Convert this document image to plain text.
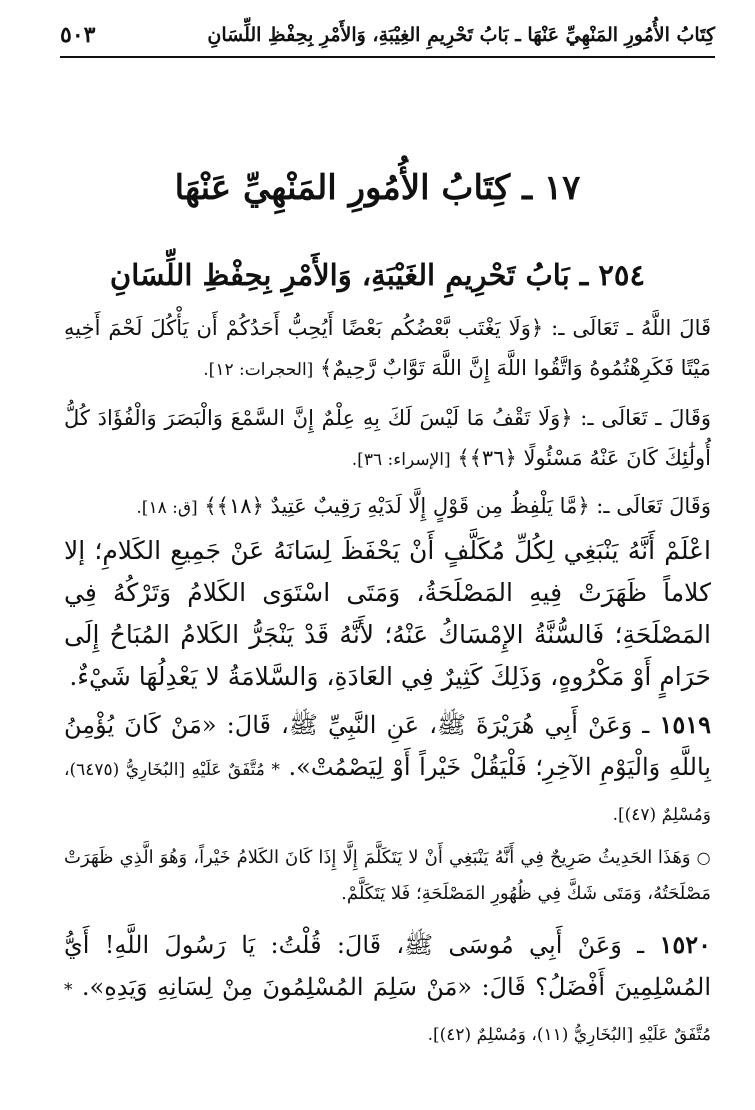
كِتَابُ الأُمُورِ المَنْهِيِّ عَنْهَا ـ بَابُ تَحْرِيمِ الغِيْبَةِ، وَالأَمْرِ بِحِفْظِ اللِّسَانِ
٥٠٣
١٧ ـ كِتَابُ الأُمُورِ المَنْهِيِّ عَنْهَا
٢٥٤ ـ بَابُ تَحْرِيمِ الغَيْبَةِ، وَالأَمْرِ بِحِفْظِ اللِّسَانِ

قَالَ اللَّهُ ـ تَعَالَى ـ: ﴿وَلَا يَغْتَب بَّعْضُكُم بَعْضًا أَيُحِبُّ أَحَدُكُمْ أَن يَأْكُلَ لَحْمَ أَخِيهِ مَيْتًا فَكَرِهْتُمُوهُ وَاتَّقُوا اللَّهَ إِنَّ اللَّهَ تَوَّابٌ رَّحِيمٌ﴾ [الحجرات: ١٢].

وَقَالَ ـ تَعَالَى ـ: ﴿وَلَا تَقْفُ مَا لَيْسَ لَكَ بِهِ عِلْمٌ إِنَّ السَّمْعَ وَالْبَصَرَ وَالْفُؤَادَ كُلُّ أُولَٰئِكَ كَانَ عَنْهُ مَسْئُولًا ﴿٣٦﴾﴾ [الإسراء: ٣٦].

وَقَالَ تَعَالَى ـ: ﴿مَّا يَلْفِظُ مِن قَوْلٍ إِلَّا لَدَيْهِ رَقِيبٌ عَتِيدٌ ﴿١٨﴾﴾ [ق: ١٨].

اعْلَمْ أَنَّهُ يَنْبَغِي لِكُلِّ مُكَلَّفٍ أَنْ يَحْفَظَ لِسَانَهُ عَنْ جَمِيعِ الكَلامِ؛ إلا كلاماً ظَهَرَتْ فِيهِ المَصْلَحَةُ، وَمَتَى اسْتَوَى الكَلامُ وَتَرْكُهُ فِي المَصْلَحَةِ؛ فَالسُّنَّةُ الإِمْسَاكُ عَنْهُ؛ لأَنَّهُ قَدْ يَنْجَرُّ الكَلامُ المُبَاحُ إِلَى حَرَامٍ أَوْ مَكْرُوهٍ، وَذَلِكَ كَثِيرٌ فِي العَادَةِ، وَالسَّلامَةُ لا يَعْدِلُهَا شَيْءٌ.

١٥١٩ ـ وَعَنْ أَبِي هُرَيْرَةَ ﷺ، عَنِ النَّبِيِّ ﷺ، قَالَ: «مَنْ كَانَ يُؤْمِنُ بِاللَّهِ وَالْيَوْمِ الآخِرِ؛ فَلْيَقُلْ خَيْراً أَوْ لِيَصْمُتْ». * مُتَّفَقٌ عَلَيْهِ [البُخَارِيُّ (٦٤٧٥)، وَمُسْلِمٌ (٤٧)].

○ وَهَذَا الحَدِيثُ صَرِيحٌ فِي أَنَّهُ يَنْبَغِي أَنْ لا يَتَكَلَّمَ إِلَّا إِذَا كَانَ الكَلامُ خَيْراً، وَهُوَ الَّذِي ظَهَرَتْ مَصْلَحَتُهُ، وَمَتَى شَكَّ فِي ظُهُورِ المَصْلَحَةِ؛ فَلا يَتَكَلَّمْ.

١٥٢٠ ـ وَعَنْ أَبِي مُوسَى ﷺ، قَالَ: قُلْتُ: يَا رَسُولَ اللَّهِ! أَيُّ المُسْلِمِينَ أَفْضَلُ؟ قَالَ: «مَنْ سَلِمَ المُسْلِمُونَ مِنْ لِسَانِهِ وَيَدِهِ». * مُتَّفَقٌ عَلَيْهِ [البُخَارِيُّ (١١)، وَمُسْلِمٌ (٤٢)].
